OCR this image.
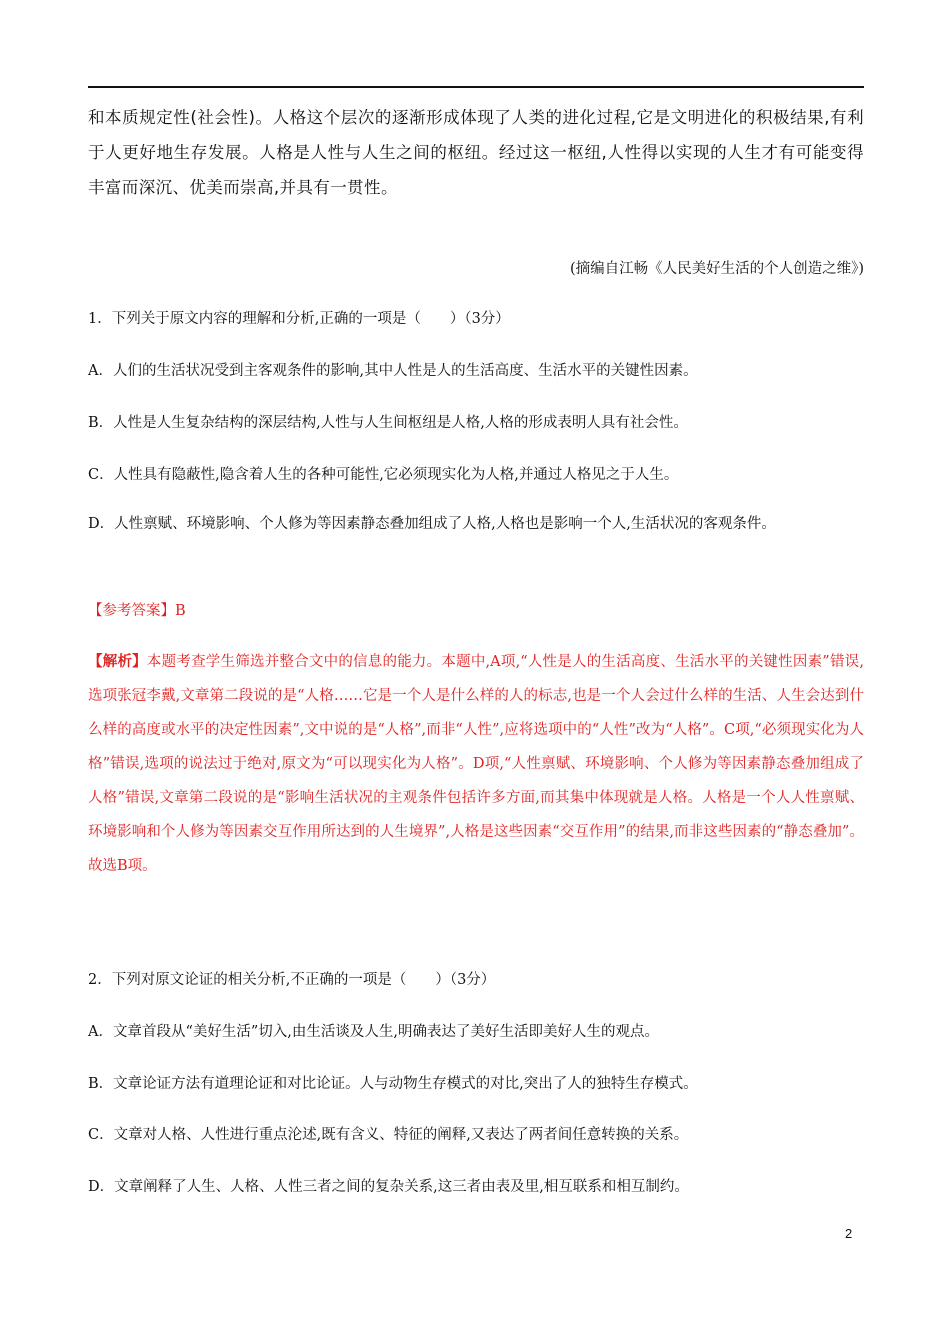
和本质规定性(社会性)。人格这个层次的逐渐形成体现了人类的进化过程,它是文明进化的积极结果,有利于人更好地生存发展。人格是人性与人生之间的枢纽。经过这一枢纽,人性得以实现的人生才有可能变得丰富而深沉、优美而崇高,并具有一贯性。

(摘编自江畅《人民美好生活的个人创造之维》)

1．下列关于原文内容的理解和分析,正确的一项是（　　）（3分）

A．人们的生活状况受到主客观条件的影响,其中人性是人的生活高度、生活水平的关键性因素。

B．人性是人生复杂结构的深层结构,人性与人生间枢纽是人格,人格的形成表明人具有社会性。

C．人性具有隐蔽性,隐含着人生的各种可能性,它必须现实化为人格,并通过人格见之于人生。

D．人性禀赋、环境影响、个人修为等因素静态叠加组成了人格,人格也是影响一个人,生活状况的客观条件。

【参考答案】B

【解析】本题考查学生筛选并整合文中的信息的能力。本题中,A项,“人性是人的生活高度、生活水平的关键性因素”错误,选项张冠李戴,文章第二段说的是“人格……它是一个人是什么样的人的标志,也是一个人会过什么样的生活、人生会达到什么样的高度或水平的决定性因素”,文中说的是“人格”,而非“人性”,应将选项中的“人性”改为“人格”。C项,“必须现实化为人格”错误,选项的说法过于绝对,原文为“可以现实化为人格”。D项,“人性禀赋、环境影响、个人修为等因素静态叠加组成了人格”错误,文章第二段说的是“影响生活状况的主观条件包括许多方面,而其集中体现就是人格。人格是一个人人性禀赋、环境影响和个人修为等因素交互作用所达到的人生境界”,人格是这些因素“交互作用”的结果,而非这些因素的“静态叠加”。故选B项。

2．下列对原文论证的相关分析,不正确的一项是（　　）（3分）

A．文章首段从“美好生活”切入,由生活谈及人生,明确表达了美好生活即美好人生的观点。

B．文章论证方法有道理论证和对比论证。人与动物生存模式的对比,突出了人的独特生存模式。

C．文章对人格、人性进行重点沦述,既有含义、特征的阐释,又表达了两者间任意转换的关系。

D．文章阐释了人生、人格、人性三者之间的复杂关系,这三者由表及里,相互联系和相互制约。

2
